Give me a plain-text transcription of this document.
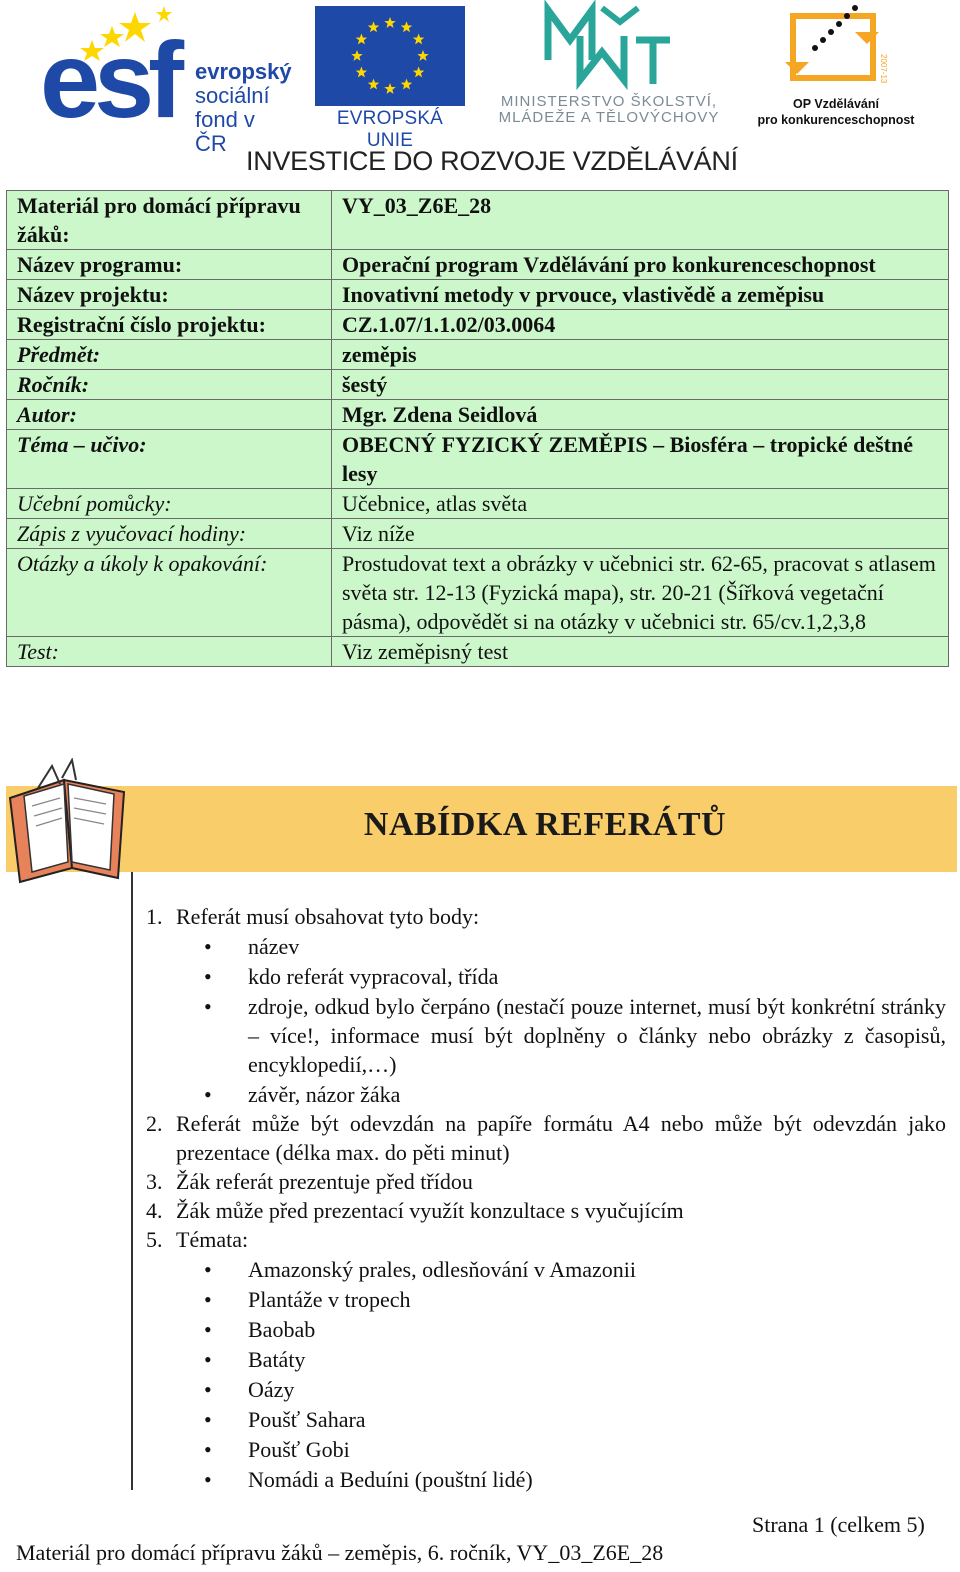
esf evropský
sociální
fond v ČR
EVROPSKÁ UNIE
MINISTERSTVO ŠKOLSTVÍ,
MLÁDEŽE A TĚLOVÝCHOVY
2007-13
OP Vzdělávání
pro konkurenceschopnost
INVESTICE DO ROZVOJE VZDĚLÁVÁNÍ
Materiál pro domácí přípravu žáků:	VY_03_Z6E_28
Název programu:	Operační program Vzdělávání pro konkurenceschopnost
Název projektu:	Inovativní metody v prvouce, vlastivědě a zeměpisu
Registrační číslo projektu:	CZ.1.07/1.1.02/03.0064
Předmět:	zeměpis
Ročník:	šestý
Autor:	Mgr. Zdena Seidlová
Téma – učivo:	OBECNÝ FYZICKÝ ZEMĚPIS – Biosféra – tropické deštné lesy
Učební pomůcky:	Učebnice, atlas světa
Zápis z vyučovací hodiny:	Viz níže
Otázky a úkoly k opakování:	Prostudovat text a obrázky v učebnici str. 62-65, pracovat s atlasem světa str. 12-13 (Fyzická mapa), str. 20-21 (Šířková vegetační pásma), odpovědět si na otázky v učebnici str. 65/cv.1,2,3,8
Test:	Viz zeměpisný test
NABÍDKA REFERÁTŮ
1. Referát musí obsahovat tyto body:
• název
• kdo referát vypracoval, třída
• zdroje, odkud bylo čerpáno (nestačí pouze internet, musí být konkrétní stránky – více!, informace musí být doplněny o články nebo obrázky z časopisů, encyklopedií,…)
• závěr, názor žáka
2. Referát může být odevzdán na papíře formátu A4 nebo může být odevzdán jako prezentace (délka max. do pěti minut)
3. Žák referát prezentuje před třídou
4. Žák může před prezentací využít konzultace s vyučujícím
5. Témata:
• Amazonský prales, odlesňování v Amazonii
• Plantáže v tropech
• Baobab
• Batáty
• Oázy
• Poušť Sahara
• Poušť Gobi
• Nomádi a Beduíni (pouštní lidé)
Strana 1 (celkem 5)
Materiál pro domácí přípravu žáků – zeměpis, 6. ročník, VY_03_Z6E_28
